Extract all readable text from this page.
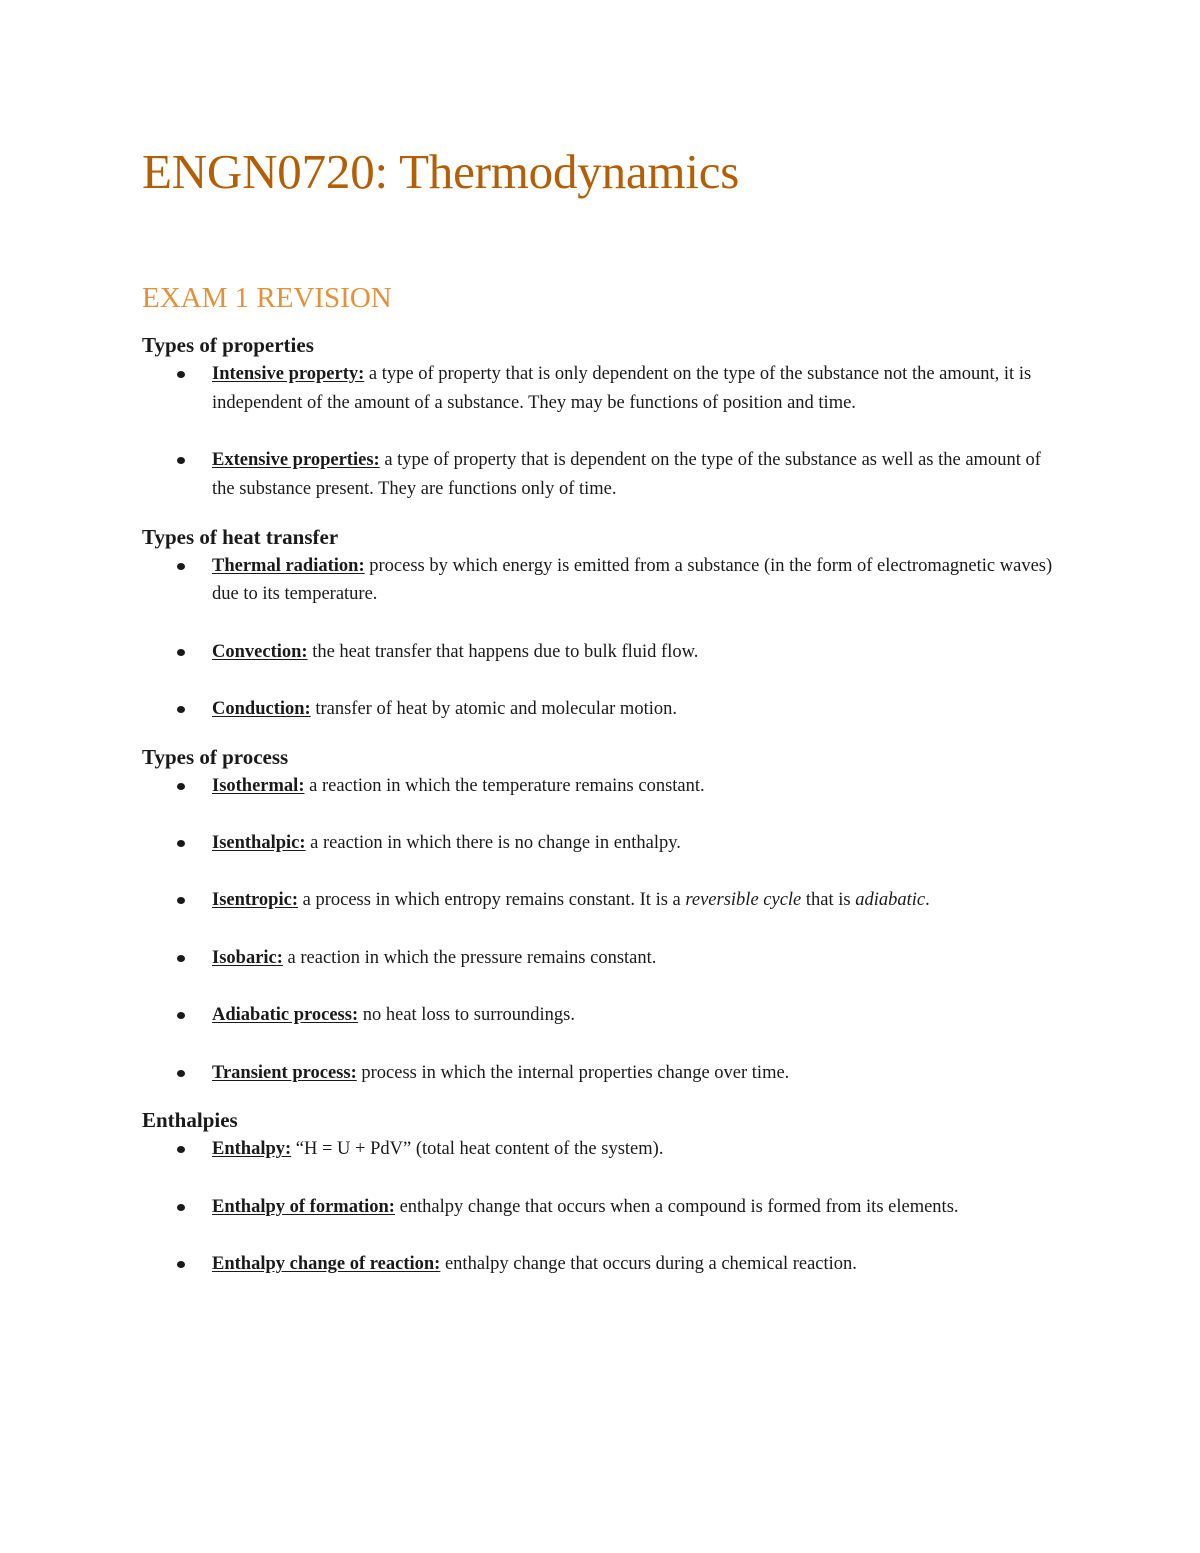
ENGN0720: Thermodynamics
EXAM 1 REVISION
Types of properties
Intensive property: a type of property that is only dependent on the type of the substance not the amount, it is independent of the amount of a substance. They may be functions of position and time.
Extensive properties: a type of property that is dependent on the type of the substance as well as the amount of the substance present. They are functions only of time.
Types of heat transfer
Thermal radiation: process by which energy is emitted from a substance (in the form of electromagnetic waves) due to its temperature.
Convection: the heat transfer that happens due to bulk fluid flow.
Conduction: transfer of heat by atomic and molecular motion.
Types of process
Isothermal: a reaction in which the temperature remains constant.
Isenthalpic: a reaction in which there is no change in enthalpy.
Isentropic: a process in which entropy remains constant. It is a reversible cycle that is adiabatic.
Isobaric: a reaction in which the pressure remains constant.
Adiabatic process: no heat loss to surroundings.
Transient process: process in which the internal properties change over time.
Enthalpies
Enthalpy: “H = U + PdV” (total heat content of the system).
Enthalpy of formation: enthalpy change that occurs when a compound is formed from its elements.
Enthalpy change of reaction: enthalpy change that occurs during a chemical reaction.
